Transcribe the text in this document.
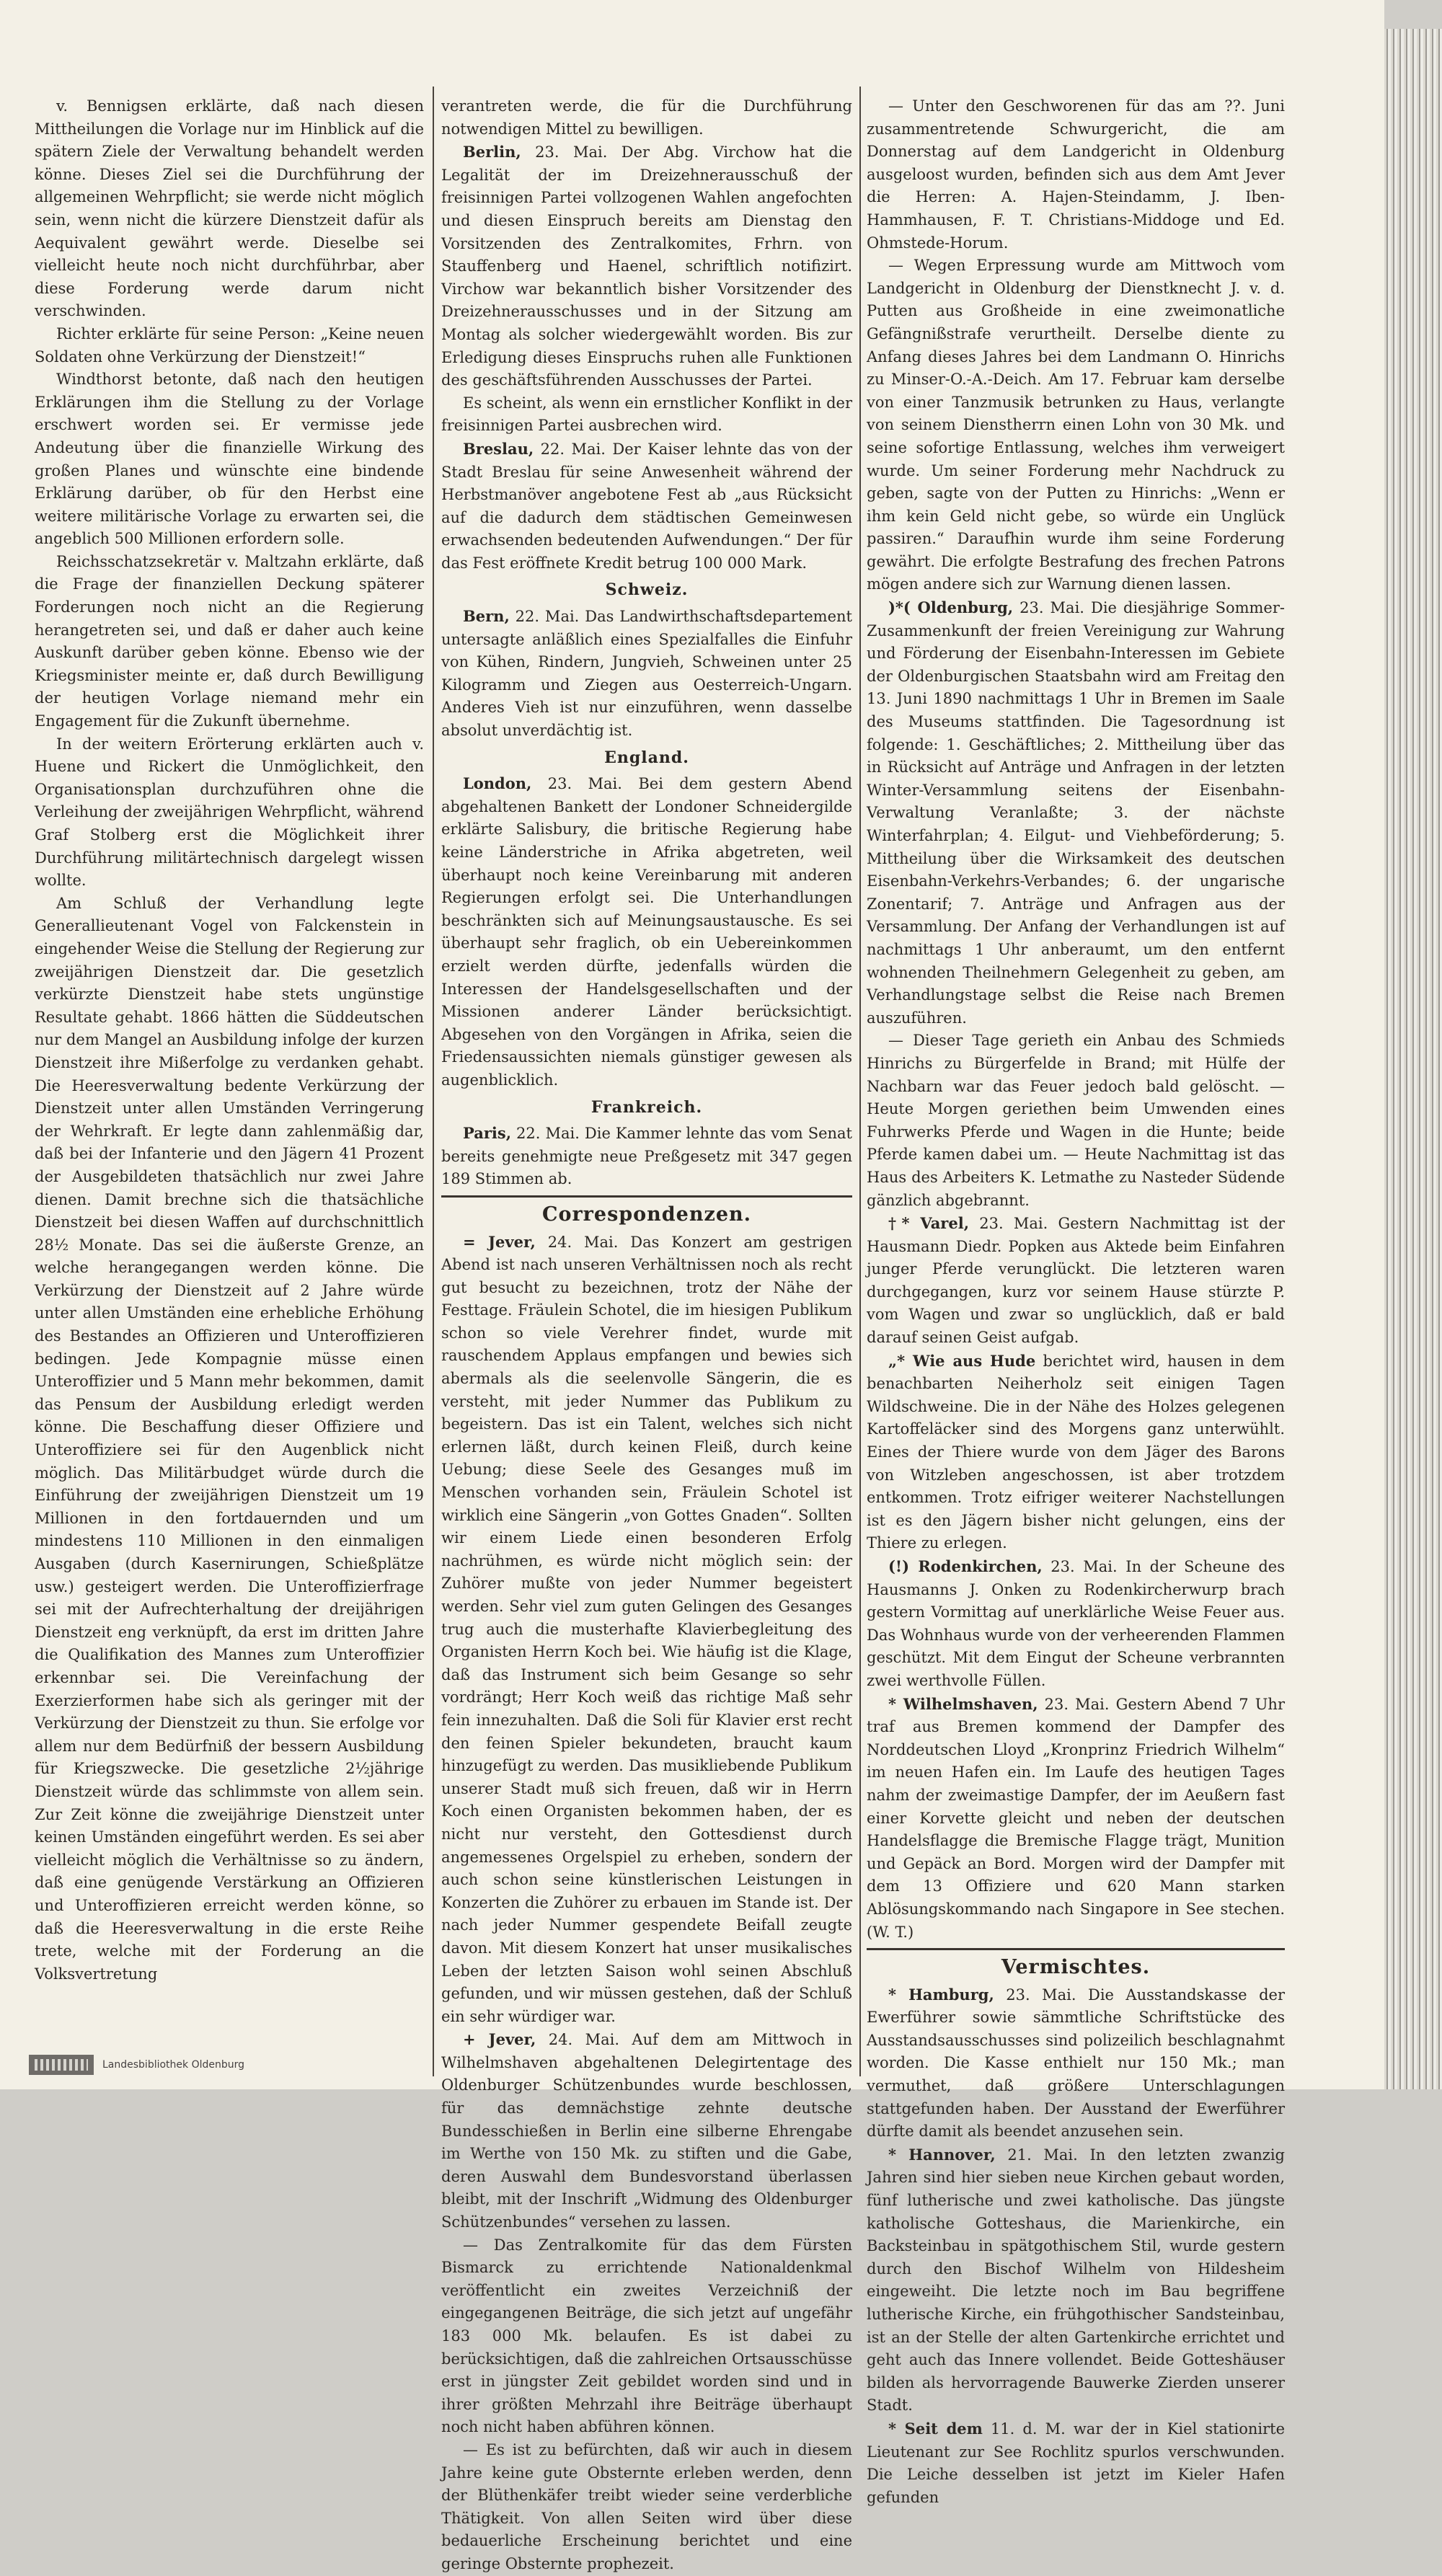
v. Bennigsen erklärte, daß nach diesen Mittheilungen die Vorlage nur im Hinblick auf die spätern Ziele der Verwaltung behandelt werden könne. Dieses Ziel sei die Durchführung der allgemeinen Wehrpflicht; sie werde nicht möglich sein, wenn nicht die kürzere Dienstzeit dafür als Aequivalent gewährt werde. Dieselbe sei vielleicht heute noch nicht durchführbar, aber diese Forderung werde darum nicht verschwinden.

Richter erklärte für seine Person: „Keine neuen Soldaten ohne Verkürzung der Dienstzeit!“

Windthorst betonte, daß nach den heutigen Erklärungen ihm die Stellung zu der Vorlage erschwert worden sei. Er vermisse jede Andeutung über die finanzielle Wirkung des großen Planes und wünschte eine bindende Erklärung darüber, ob für den Herbst eine weitere militärische Vorlage zu erwarten sei, die angeblich 500 Millionen erfordern solle.

Reichsschatzsekretär v. Maltzahn erklärte, daß die Frage der finanziellen Deckung späterer Forderungen noch nicht an die Regierung herangetreten sei, und daß er daher auch keine Auskunft darüber geben könne. Ebenso wie der Kriegsminister meinte er, daß durch Bewilligung der heutigen Vorlage niemand mehr ein Engagement für die Zukunft übernehme.

In der weitern Erörterung erklärten auch v. Huene und Rickert die Unmöglichkeit, den Organisationsplan durchzuführen ohne die Verleihung der zweijährigen Wehrpflicht, während Graf Stolberg erst die Möglichkeit ihrer Durchführung militärtechnisch dargelegt wissen wollte.

Am Schluß der Verhandlung legte Generallieutenant Vogel von Falckenstein in eingehender Weise die Stellung der Regierung zur zweijährigen Dienstzeit dar. Die gesetzlich verkürzte Dienstzeit habe stets ungünstige Resultate gehabt. 1866 hätten die Süddeutschen nur dem Mangel an Ausbildung infolge der kurzen Dienstzeit ihre Mißerfolge zu verdanken gehabt. Die Heeresverwaltung bedente Verkürzung der Dienstzeit unter allen Umständen Verringerung der Wehrkraft. Er legte dann zahlenmäßig dar, daß bei der Infanterie und den Jägern 41 Prozent der Ausgebildeten thatsächlich nur zwei Jahre dienen. Damit brechne sich die thatsächliche Dienstzeit bei diesen Waffen auf durchschnittlich 28½ Monate. Das sei die äußerste Grenze, an welche herangegangen werden könne. Die Verkürzung der Dienstzeit auf 2 Jahre würde unter allen Umständen eine erhebliche Erhöhung des Bestandes an Offizieren und Unteroffizieren bedingen. Jede Kompagnie müsse einen Unteroffizier und 5 Mann mehr bekommen, damit das Pensum der Ausbildung erledigt werden könne. Die Beschaffung dieser Offiziere und Unteroffiziere sei für den Augenblick nicht möglich. Das Militärbudget würde durch die Einführung der zweijährigen Dienstzeit um 19 Millionen in den fortdauernden und um mindestens 110 Millionen in den einmaligen Ausgaben (durch Kasernirungen, Schießplätze usw.) gesteigert werden. Die Unteroffizierfrage sei mit der Aufrechterhaltung der dreijährigen Dienstzeit eng verknüpft, da erst im dritten Jahre die Qualifikation des Mannes zum Unteroffizier erkennbar sei. Die Vereinfachung der Exerzierformen habe sich als geringer mit der Verkürzung der Dienstzeit zu thun. Sie erfolge vor allem nur dem Bedürfniß der bessern Ausbildung für Kriegszwecke. Die gesetzliche 2½jährige Dienstzeit würde das schlimmste von allem sein. Zur Zeit könne die zweijährige Dienstzeit unter keinen Umständen eingeführt werden. Es sei aber vielleicht möglich die Verhältnisse so zu ändern, daß eine genügende Verstärkung an Offizieren und Unteroffizieren erreicht werden könne, so daß die Heeresverwaltung in die erste Reihe trete, welche mit der Forderung an die Volksvertretung

verantreten werde, die für die Durchführung notwendigen Mittel zu bewilligen.

Berlin, 23. Mai. Der Abg. Virchow hat die Legalität der im Dreizehnerausschuß der freisinnigen Partei vollzogenen Wahlen angefochten und diesen Einspruch bereits am Dienstag den Vorsitzenden des Zentralkomites, Frhrn. von Stauffenberg und Haenel, schriftlich notifizirt. Virchow war bekanntlich bisher Vorsitzender des Dreizehnerausschusses und in der Sitzung am Montag als solcher wiedergewählt worden. Bis zur Erledigung dieses Einspruchs ruhen alle Funktionen des geschäftsführenden Ausschusses der Partei.

Es scheint, als wenn ein ernstlicher Konflikt in der freisinnigen Partei ausbrechen wird.

Breslau, 22. Mai. Der Kaiser lehnte das von der Stadt Breslau für seine Anwesenheit während der Herbstmanöver angebotene Fest ab „aus Rücksicht auf die dadurch dem städtischen Gemeinwesen erwachsenden bedeutenden Aufwendungen.“ Der für das Fest eröffnete Kredit betrug 100 000 Mark.

Schweiz.

Bern, 22. Mai. Das Landwirthschaftsdepartement untersagte anläßlich eines Spezialfalles die Einfuhr von Kühen, Rindern, Jungvieh, Schweinen unter 25 Kilogramm und Ziegen aus Oesterreich-Ungarn. Anderes Vieh ist nur einzuführen, wenn dasselbe absolut unverdächtig ist.

England.

London, 23. Mai. Bei dem gestern Abend abgehaltenen Bankett der Londoner Schneidergilde erklärte Salisbury, die britische Regierung habe keine Länderstriche in Afrika abgetreten, weil überhaupt noch keine Vereinbarung mit anderen Regierungen erfolgt sei. Die Unterhandlungen beschränkten sich auf Meinungsaustausche. Es sei überhaupt sehr fraglich, ob ein Uebereinkommen erzielt werden dürfte, jedenfalls würden die Interessen der Handelsgesellschaften und der Missionen anderer Länder berücksichtigt. Abgesehen von den Vorgängen in Afrika, seien die Friedensaussichten niemals günstiger gewesen als augenblicklich.

Frankreich.

Paris, 22. Mai. Die Kammer lehnte das vom Senat bereits genehmigte neue Preßgesetz mit 347 gegen 189 Stimmen ab.

Correspondenzen.

= Jever, 24. Mai. Das Konzert am gestrigen Abend ist nach unseren Verhältnissen noch als recht gut besucht zu bezeichnen, trotz der Nähe der Festtage. Fräulein Schotel, die im hiesigen Publikum schon so viele Verehrer findet, wurde mit rauschendem Applaus empfangen und bewies sich abermals als die seelenvolle Sängerin, die es versteht, mit jeder Nummer das Publikum zu begeistern. Das ist ein Talent, welches sich nicht erlernen läßt, durch keinen Fleiß, durch keine Uebung; diese Seele des Gesanges muß im Menschen vorhanden sein, Fräulein Schotel ist wirklich eine Sängerin „von Gottes Gnaden“. Sollten wir einem Liede einen besonderen Erfolg nachrühmen, es würde nicht möglich sein: der Zuhörer mußte von jeder Nummer begeistert werden. Sehr viel zum guten Gelingen des Gesanges trug auch die musterhafte Klavierbegleitung des Organisten Herrn Koch bei. Wie häufig ist die Klage, daß das Instrument sich beim Gesange so sehr vordrängt; Herr Koch weiß das richtige Maß sehr fein innezuhalten. Daß die Soli für Klavier erst recht den feinen Spieler bekundeten, braucht kaum hinzugefügt zu werden. Das musikliebende Publikum unserer Stadt muß sich freuen, daß wir in Herrn Koch einen Organisten bekommen haben, der es nicht nur versteht, den Gottesdienst durch angemessenes Orgelspiel zu erheben, sondern der auch schon seine künstlerischen Leistungen in Konzerten die Zuhörer zu erbauen im Stande ist. Der nach jeder Nummer gespendete Beifall zeugte davon. Mit diesem Konzert hat unser musikalisches Leben der letzten Saison wohl seinen Abschluß gefunden, und wir müssen gestehen, daß der Schluß ein sehr würdiger war.

+ Jever, 24. Mai. Auf dem am Mittwoch in Wilhelmshaven abgehaltenen Delegirtentage des Oldenburger Schützenbundes wurde beschlossen, für das demnächstige zehnte deutsche Bundesschießen in Berlin eine silberne Ehrengabe im Werthe von 150 Mk. zu stiften und die Gabe, deren Auswahl dem Bundesvorstand überlassen bleibt, mit der Inschrift „Widmung des Oldenburger Schützenbundes“ versehen zu lassen.

— Das Zentralkomite für das dem Fürsten Bismarck zu errichtende Nationaldenkmal veröffentlicht ein zweites Verzeichniß der eingegangenen Beiträge, die sich jetzt auf ungefähr 183 000 Mk. belaufen. Es ist dabei zu berücksichtigen, daß die zahlreichen Ortsausschüsse erst in jüngster Zeit gebildet worden sind und in ihrer größten Mehrzahl ihre Beiträge überhaupt noch nicht haben abführen können.

— Es ist zu befürchten, daß wir auch in diesem Jahre keine gute Obsternte erleben werden, denn der Blüthenkäfer treibt wieder seine verderbliche Thätigkeit. Von allen Seiten wird über diese bedauerliche Erscheinung berichtet und eine geringe Obsternte prophezeit.

— Unter den Geschworenen für das am ??. Juni zusammentretende Schwurgericht, die am Donnerstag auf dem Landgericht in Oldenburg ausgeloost wurden, befinden sich aus dem Amt Jever die Herren: A. Hajen-Steindamm, J. Iben-Hammhausen, F. T. Christians-Middoge und Ed. Ohmstede-Horum.

— Wegen Erpressung wurde am Mittwoch vom Landgericht in Oldenburg der Dienstknecht J. v. d. Putten aus Großheide in eine zweimonatliche Gefängnißstrafe verurtheilt. Derselbe diente zu Anfang dieses Jahres bei dem Landmann O. Hinrichs zu Minser-O.-A.-Deich. Am 17. Februar kam derselbe von einer Tanzmusik betrunken zu Haus, verlangte von seinem Dienstherrn einen Lohn von 30 Mk. und seine sofortige Entlassung, welches ihm verweigert wurde. Um seiner Forderung mehr Nachdruck zu geben, sagte von der Putten zu Hinrichs: „Wenn er ihm kein Geld nicht gebe, so würde ein Unglück passiren.“ Daraufhin wurde ihm seine Forderung gewährt. Die erfolgte Bestrafung des frechen Patrons mögen andere sich zur Warnung dienen lassen.

)*( Oldenburg, 23. Mai. Die diesjährige Sommer-Zusammenkunft der freien Vereinigung zur Wahrung und Förderung der Eisenbahn-Interessen im Gebiete der Oldenburgischen Staatsbahn wird am Freitag den 13. Juni 1890 nachmittags 1 Uhr in Bremen im Saale des Museums stattfinden. Die Tagesordnung ist folgende: 1. Geschäftliches; 2. Mittheilung über das in Rücksicht auf Anträge und Anfragen in der letzten Winter-Versammlung seitens der Eisenbahn-Verwaltung Veranlaßte; 3. der nächste Winterfahrplan; 4. Eilgut- und Viehbeförderung; 5. Mittheilung über die Wirksamkeit des deutschen Eisenbahn-Verkehrs-Verbandes; 6. der ungarische Zonentarif; 7. Anträge und Anfragen aus der Versammlung. Der Anfang der Verhandlungen ist auf nachmittags 1 Uhr anberaumt, um den entfernt wohnenden Theilnehmern Gelegenheit zu geben, am Verhandlungstage selbst die Reise nach Bremen auszuführen.

— Dieser Tage gerieth ein Anbau des Schmieds Hinrichs zu Bürgerfelde in Brand; mit Hülfe der Nachbarn war das Feuer jedoch bald gelöscht. — Heute Morgen geriethen beim Umwenden eines Fuhrwerks Pferde und Wagen in die Hunte; beide Pferde kamen dabei um. — Heute Nachmittag ist das Haus des Arbeiters K. Letmathe zu Nasteder Südende gänzlich abgebrannt.

†* Varel, 23. Mai. Gestern Nachmittag ist der Hausmann Diedr. Popken aus Aktede beim Einfahren junger Pferde verunglückt. Die letzteren waren durchgegangen, kurz vor seinem Hause stürzte P. vom Wagen und zwar so unglücklich, daß er bald darauf seinen Geist aufgab.

„* Wie aus Hude berichtet wird, hausen in dem benachbarten Neiherholz seit einigen Tagen Wildschweine. Die in der Nähe des Holzes gelegenen Kartoffeläcker sind des Morgens ganz unterwühlt. Eines der Thiere wurde von dem Jäger des Barons von Witzleben angeschossen, ist aber trotzdem entkommen. Trotz eifriger weiterer Nachstellungen ist es den Jägern bisher nicht gelungen, eins der Thiere zu erlegen.

(!) Rodenkirchen, 23. Mai. In der Scheune des Hausmanns J. Onken zu Rodenkircherwurp brach gestern Vormittag auf unerklärliche Weise Feuer aus. Das Wohnhaus wurde von der verheerenden Flammen geschützt. Mit dem Eingut der Scheune verbrannten zwei werthvolle Füllen.

* Wilhelmshaven, 23. Mai. Gestern Abend 7 Uhr traf aus Bremen kommend der Dampfer des Norddeutschen Lloyd „Kronprinz Friedrich Wilhelm“ im neuen Hafen ein. Im Laufe des heutigen Tages nahm der zweimastige Dampfer, der im Aeußern fast einer Korvette gleicht und neben der deutschen Handelsflagge die Bremische Flagge trägt, Munition und Gepäck an Bord. Morgen wird der Dampfer mit dem 13 Offiziere und 620 Mann starken Ablösungskommando nach Singapore in See stechen. (W. T.)

Vermischtes.

* Hamburg, 23. Mai. Die Ausstandskasse der Ewerführer sowie sämmtliche Schriftstücke des Ausstandsausschusses sind polizeilich beschlagnahmt worden. Die Kasse enthielt nur 150 Mk.; man vermuthet, daß größere Unterschlagungen stattgefunden haben. Der Ausstand der Ewerführer dürfte damit als beendet anzusehen sein.

* Hannover, 21. Mai. In den letzten zwanzig Jahren sind hier sieben neue Kirchen gebaut worden, fünf lutherische und zwei katholische. Das jüngste katholische Gotteshaus, die Marienkirche, ein Backsteinbau in spätgothischem Stil, wurde gestern durch den Bischof Wilhelm von Hildesheim eingeweiht. Die letzte noch im Bau begriffene lutherische Kirche, ein frühgothischer Sandsteinbau, ist an der Stelle der alten Gartenkirche errichtet und geht auch das Innere vollendet. Beide Gotteshäuser bilden als hervorragende Bauwerke Zierden unserer Stadt.

* Seit dem 11. d. M. war der in Kiel stationirte Lieutenant zur See Rochlitz spurlos verschwunden. Die Leiche desselben ist jetzt im Kieler Hafen gefunden

Landesbibliothek Oldenburg
